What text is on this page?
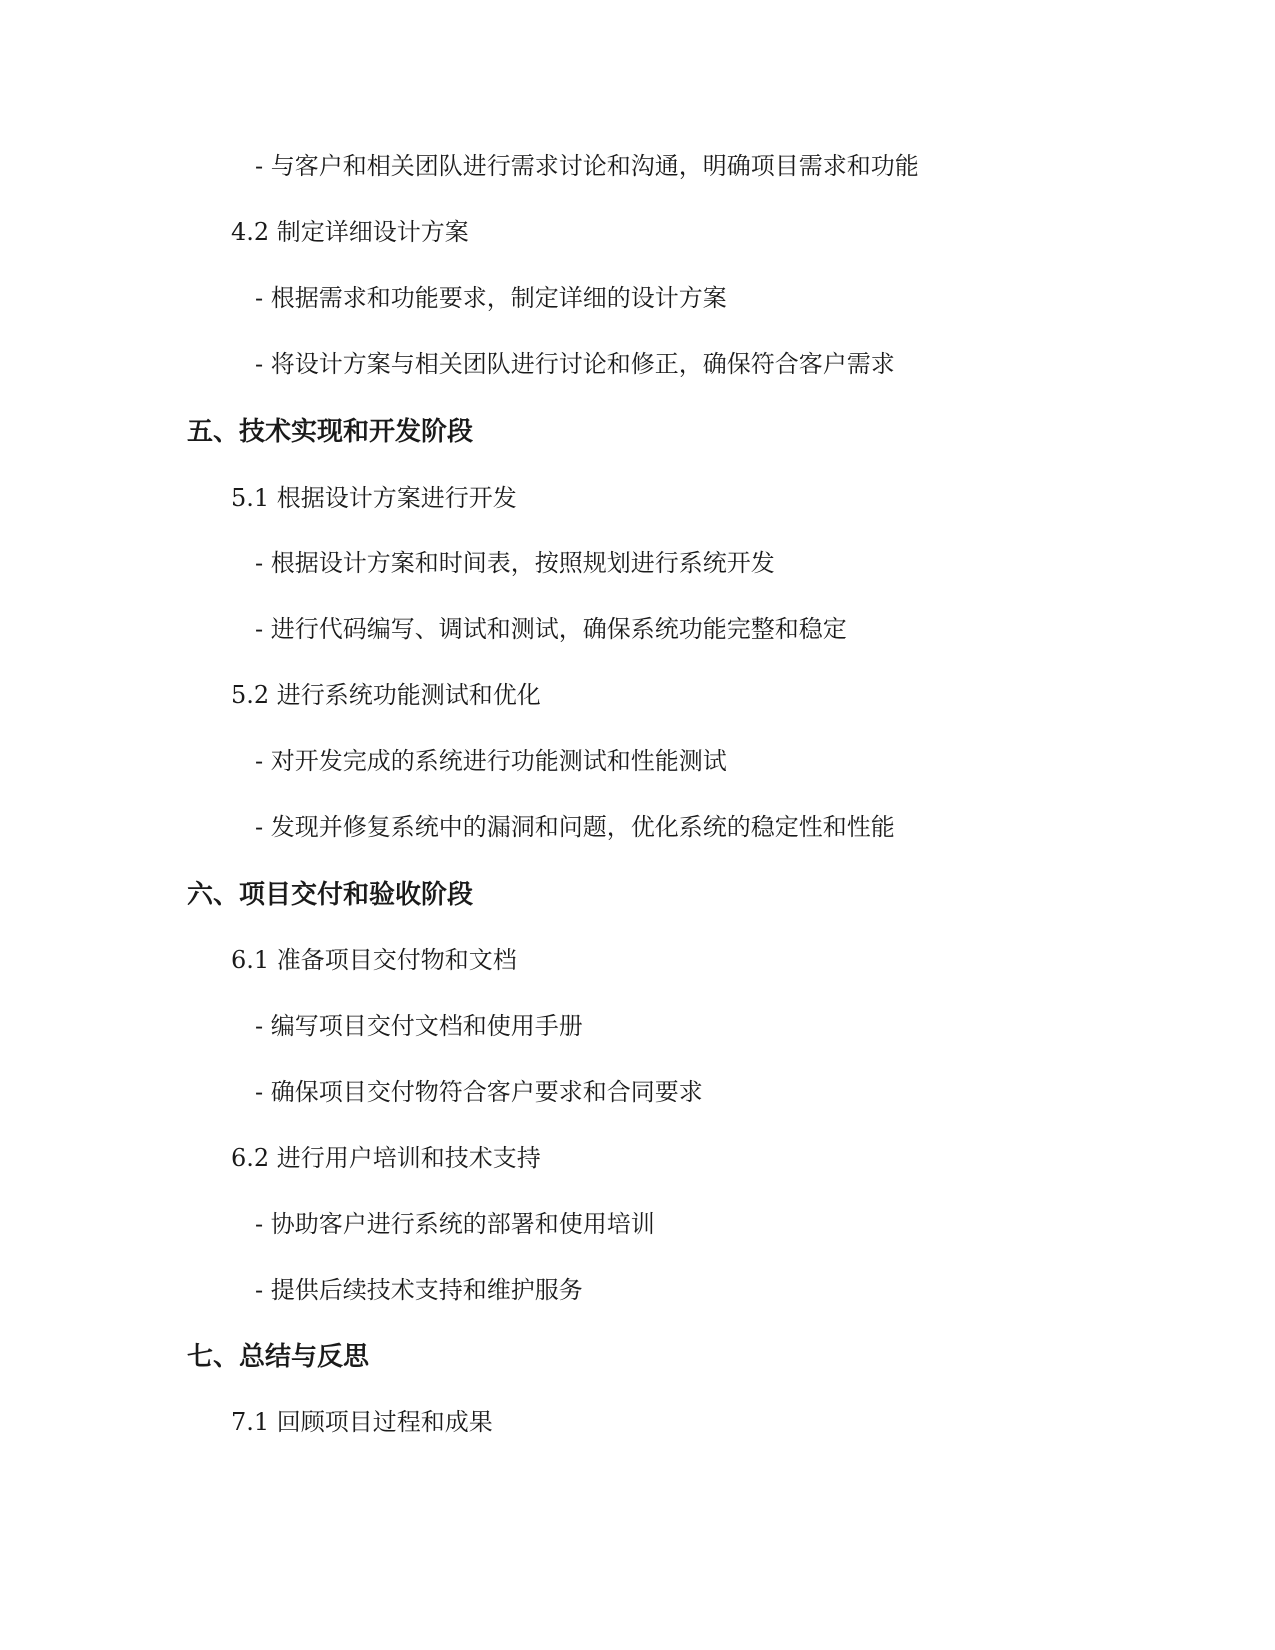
- 与客户和相关团队进行需求讨论和沟通，明确项目需求和功能
4.2 制定详细设计方案
- 根据需求和功能要求，制定详细的设计方案
- 将设计方案与相关团队进行讨论和修正，确保符合客户需求
五、技术实现和开发阶段
5.1 根据设计方案进行开发
- 根据设计方案和时间表，按照规划进行系统开发
- 进行代码编写、调试和测试，确保系统功能完整和稳定
5.2 进行系统功能测试和优化
- 对开发完成的系统进行功能测试和性能测试
- 发现并修复系统中的漏洞和问题，优化系统的稳定性和性能
六、项目交付和验收阶段
6.1 准备项目交付物和文档
- 编写项目交付文档和使用手册
- 确保项目交付物符合客户要求和合同要求
6.2 进行用户培训和技术支持
- 协助客户进行系统的部署和使用培训
- 提供后续技术支持和维护服务
七、总结与反思
7.1 回顾项目过程和成果
